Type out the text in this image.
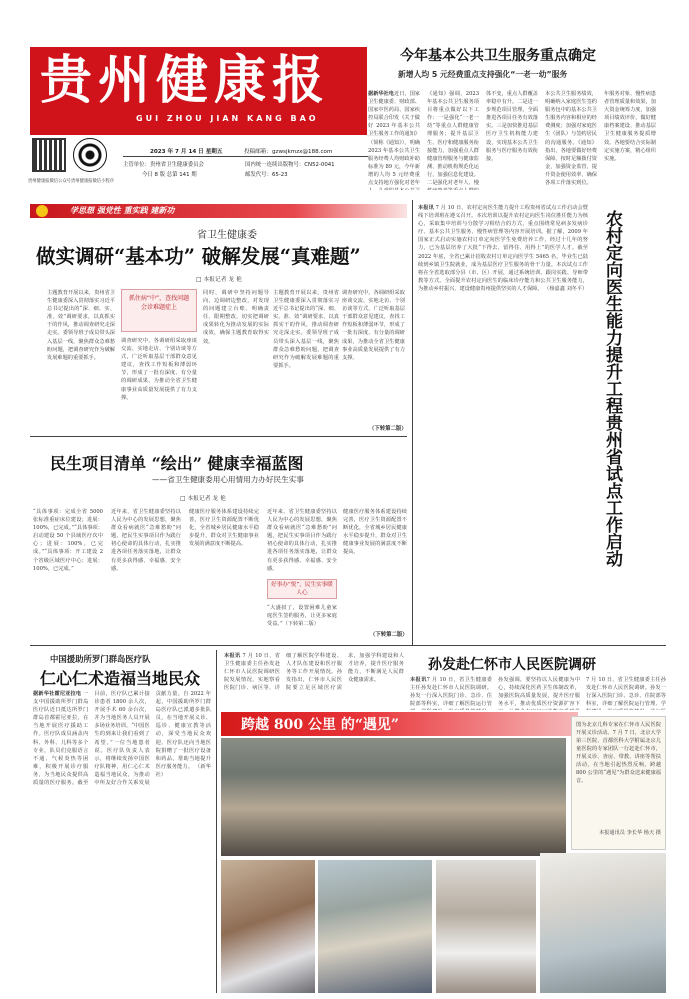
贵州健康报
GUI ZHOU JIAN KANG BAO
贵州健康报微信公众号 贵州健康报微信小程序
2023 年 7 月 14 日 星期五	投稿邮箱：gzwsjkmzx@188.com
主管单位：贵州省卫生健康委员会	国内统一连续出版物号：CN52-0041
今日 8 版 总第 141 期	邮发代号：65-23
今年基本公共卫生服务重点确定
新增人均 5 元经费重点支持强化“一老一幼”服务
据新华社电近日，国家卫生健康委、财政部、国家中医药局、国家疾控局联合印发《关于做好 2023 年基本公共卫生服务工作的通知》（简称《通知》），明确 2023 年基本公共卫生服务经费人均财政补助标准为 89 元，今年新增的人均 5 元经费重点支持地方强化对老年
《通知》强调，2023 年基本公共卫生服务项目将重点做好以下工作：一是强化“一老一幼”等重点人群健康管理服务；提升基层卫生、医疗和健康服务衔接能力，加强重点人群健康管理服务与健康监测、推动机构规范化运行，加强信息化建设。二是强化对老年人、慢
体不变，重点人群覆盖率稳中有升。二是进一步规范项目管理，全面推进各项目任务有效落实。三是加快推进基层医疗卫生机构能力建设，实现基本公共卫生服务与医疗服务有效衔接。
本公共卫生服务绩效，明确纳入家庭医生签约服务包中的基本公共卫生服务内容和相应的经费测度；加强对家庭医生（团队）与签约居民的沟通服务。《通知》指出，各地要做好经费保障，按时足额拨付资金，加强资金监管，提升资金使用效率，确保各项工作落实到位。
年服务对象、慢性病患者管理质量和效果，加大资金统筹力度，加强项目绩效评价，做好健康档案建设、推动基层卫生健康服务提质增效。各地要结合实际制定实施方案，精心组织实施。
学思想 强党性 重实践 建新功
省卫生健康委
做实调研“基本功” 破解发展“真难题”
□ 本报记者 龙 艳
主题教育开展以来，贵州省卫生健康委深入贯彻落实习近平总书记提出的“深、细、实、准、效”调研要求，以真抓实干的作风，推动调查研究走深走实。委领导班子成员带头深入基层一线，聚焦群众急难愁盼问题，把调查研究作为破解发展难题的重要抓手。
抓住病“中”，查找问题会诊难题症上
调查研究中，各调研组采取座谈交流、实地走访、个别访谈等方式，广泛听取基层干部群众意见建议，查找工作短板和薄弱环节，形成了一批有深度、有分量的调研成果，为推动全省卫生健康事业高质量发展提供了有力支撑。
同时，调研中坚持问题导向，边调研边整改，对发现的问题建立台账、明确责任、限期整改，切实把调研成果转化为推动发展的实际成效，确保主题教育取得实效。
主题教育开展以来，贵州省卫生健康委深入贯彻落实习近平总书记提出的“深、细、实、准、效”调研要求，以真抓实干的作风，推动调查研究走深走实。委领导班子成员带头深入基层一线，聚焦群众急难愁盼问题，把调查研究作为破解发展难题的重要抓手。
调查研究中，各调研组采取座谈交流、实地走访、个别访谈等方式，广泛听取基层干部群众意见建议，查找工作短板和薄弱环节，形成了一批有深度、有分量的调研成果，为推动全省卫生健康事业高质量发展提供了有力支撑。
（下转第二版）
民生项目清单 “绘出” 健康幸福蓝图
——省卫生健康委用心用情用力办好民生实事
□ 本报记者 龙 艳
“具体事项：完成全省 5000 张标准重症床位建设；进展：100%，已完成。”“具体事项：启动建设 50 个县域医疗次中心；进展：100%，已完成。”“具体事项：开工建设 2 个省级区域医疗中心；进展：100%，已完成。”
近年来，省卫生健康委坚持以人民为中心的发展思想，聚焦群众看病就医“急难愁盼”问题，把民生实事项目作为践行初心使命的具体行动，扎实推进各项任务落实落地，让群众有更多获得感、幸福感、安全感。
健康医疗服务体系建设持续完善，医疗卫生资源配置不断优化，全省城乡居民健康水平稳步提升，群众对卫生健康事业发展的满意度不断提高。
近年来，省卫生健康委坚持以人民为中心的发展思想，聚焦群众看病就医“急难愁盼”问题，把民生实事项目作为践行初心使命的具体行动，扎实推进各项任务落实落地，让群众有更多获得感、幸福感、安全感。
好事办“悦”，民生实事暖人心
“大盛叔了，设置困难儿童家庭医生签约服务，让更多家庭受益。”（下转第二版）
健康医疗服务体系建设持续完善，医疗卫生资源配置不断优化，全省城乡居民健康水平稳步提升，群众对卫生健康事业发展的满意度不断提高。
（下转第二版）
本报讯 7 月 10 日，农村定向医生能力提升工程贵州省试点工作启动会暨线下培训班在遵义召开。本次培训以提升农村定向医生岗位胜任能力为核心，采取集中培训与分散学习相结合的方式，重点围绕常见病多发病诊疗、基本公共卫生服务、慢性病管理等内容开展培训。据了解，2009 年国家正式启动实施农村订单定向医学生免费培养工作，经过十几年的努力，已为基层培养了大批“下得去、留得住、用得上”的医学人才。截至 2022 年底，全省已累计招收农村订单定向医学生 5465 名，毕业生已陆续到乡镇卫生院就业，成为基层医疗卫生服务的骨干力量。本次试点工作将在全省选取部分县（市、区）开展，通过系统培训、跟岗实践、导师带教等方式，全面提升农村定向医生的临床诊疗能力和公共卫生服务能力，为推动乡村振兴、建设健康贵州提供坚实的人才保障。 （杨嘉鑫 刘冬平） 农村定向医生能力提升工程贵州省试点工作启动
中国援助所罗门群岛医疗队
仁心仁术造福当地民众
据新华社霍尼亚拉电 一支中国援助所罗门群岛医疗队近日抵达所罗门群岛首都霍尼亚拉，在当地开展医疗援助工作。医疗队成员涵盖内科、外科、儿科等多个专业，队员们克服语言不通、气候炎热等困难，积极开展诊疗服务，为当地民众提供高质量的医疗服务。截至目前，医疗队已累计接诊患者 1800 余人次，开展手术 60 余台次，并为当地医务人员开展多场业务培训。“中国医生的到来让我们看到了希望。”一位当地患者说。医疗队负责人表示，将继续发扬中国医疗队精神，用仁心仁术造福当地民众，为推动中所友好合作关系发展贡献力量。自 2022 年起，中国援助所罗门群岛医疗队已派遣多批队员，在当地开展义诊、巡诊、健康宣教等活动，深受当地民众欢迎。医疗队还向当地医院捐赠了一批医疗设备和药品，帮助当地提升医疗服务能力。 （新华社）
本报讯 7 月 10 日，省卫生健康委主任孙发赴仁怀市人民医院调研医院发展情况，实地察看医院门诊、病区等，详细了解医院学科建设、人才队伍建设和医疗服务等工作开展情况。孙发指出，仁怀市人民医院要立足区域医疗需求，加强学科建设和人才培养，提升医疗服务能力，不断满足人民群众健康需求。
孙发赴仁怀市人民医院调研
本报讯7 月 10 日，省卫生健康委主任孙发赴仁怀市人民医院调研。孙发一行深入医院门诊、急诊、住院部等科室，详细了解医院运行管
孙发强调，要坚持以人民健康为中心，持续深化医药卫生体制改革，加强医院高质量发展，提升医疗服务水平，推动优质医疗资源扩容下
7 月 10 日，省卫生健康委主任孙发赴仁怀市人民医院调研。孙发一行深入医院门诊、急诊、住院部等科室，详细了解医院运行管理、学
跨越 800 公里 的“遇见”	图为北京儿科专家在仁怀市人民医院开展义诊活动。7 月 7 日，北京大学第三医院、首都医科大学附属北京儿童医院的专家团队一行赶赴仁怀市，开展义诊、查房、带教、讲座等帮扶活动，在当地引起热烈反响，跨越 800 公里的“遇见”为群众送来健康福音。
本报通讯员 李长华 杨天 摄
